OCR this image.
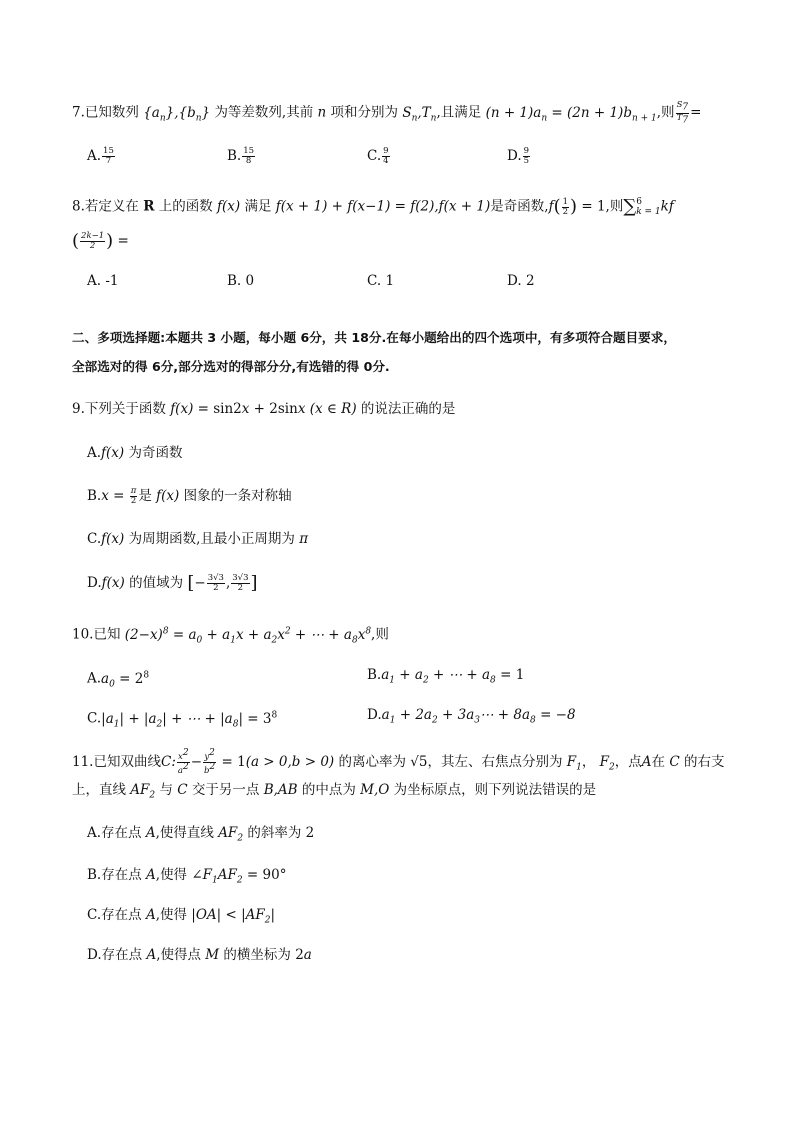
7.已知数列 $\{a_n\},\{b_n\}$ 为等差数列,其前 n 项和分别为 $S_n,T_n$,且满足 $(n + 1)a_n = (2n + 1)b_{n + 1}$,则 $\frac{S_7}{T_7}$ =
A. $\frac{15}{7}$	B. $\frac{15}{8}$	C. $\frac{9}{4}$	D. $\frac{9}{5}$
8.若定义在 R 上的函数 f(x) 满足 f(x + 1) + f(x−1) = f(2),f(x + 1)是奇函数$,f( \frac{1}{2}$ ) = 1,则∑ 6
k = 1 kf
( $\frac{2k-1}{2}$ ) =
A. -1	B. 0	C. 1	D. 2
二、多项选择题:本题共 3 小题，每小题 6分，共 18分.在每小题给出的四个选项中，有多项符合题目要求，
全部选对的得 6分,部分选对的得部分分,有选错的得 0分.
9.下列关于函数 f(x) = sin2x + 2sinx (x ∈ R) 的说法正确的是
A.f(x) 为奇函数
$B.x = \frac{\pi}{2}$ 是 f(x) 图象的一条对称轴
C.f(x) 为周期函数,且最小正周期为 π
D.f(x) 的值域为 [− $\frac{3√3}{2}$ , $\frac{3√3}{2}$ ]
10.已知 $(2-x)^8 = a_0 + a_1x + a_2x^2$ + ⋯ + $a_8x^8$,则
$A.a_0 = 2^8$	$B.a_1 + a_2$ + ⋯ + $a_8 = 1$
$C.|a_1| + |a_2|$ + ⋯ + $|a_8| = 3^8$	$D.a_1 + 2a_2$ + $3a_3\cdots + 8a_8 = -8$
11.已知双曲线C: $\frac{x^2}{a^2} - \frac{y^2}{b^2} = 1(a > 0,b > 0)$ 的离心率为 √5，其左、右焦点分别为 $F_1$， $F_2$，点A在 C 的右支
上，直线 $AF_2$ 与 C 交于另一点 B,AB 的中点为 M,O 为坐标原点，则下列说法错误的是
A.存在点 A,使得直线 $AF_2$ 的斜率为 2
B.存在点 A,使得 $\angle F_1AF_2 = 90^\circ$
C.存在点 A,使得 $|OA| < |AF_2|$
D.存在点 A,使得点 M 的横坐标为 2a
